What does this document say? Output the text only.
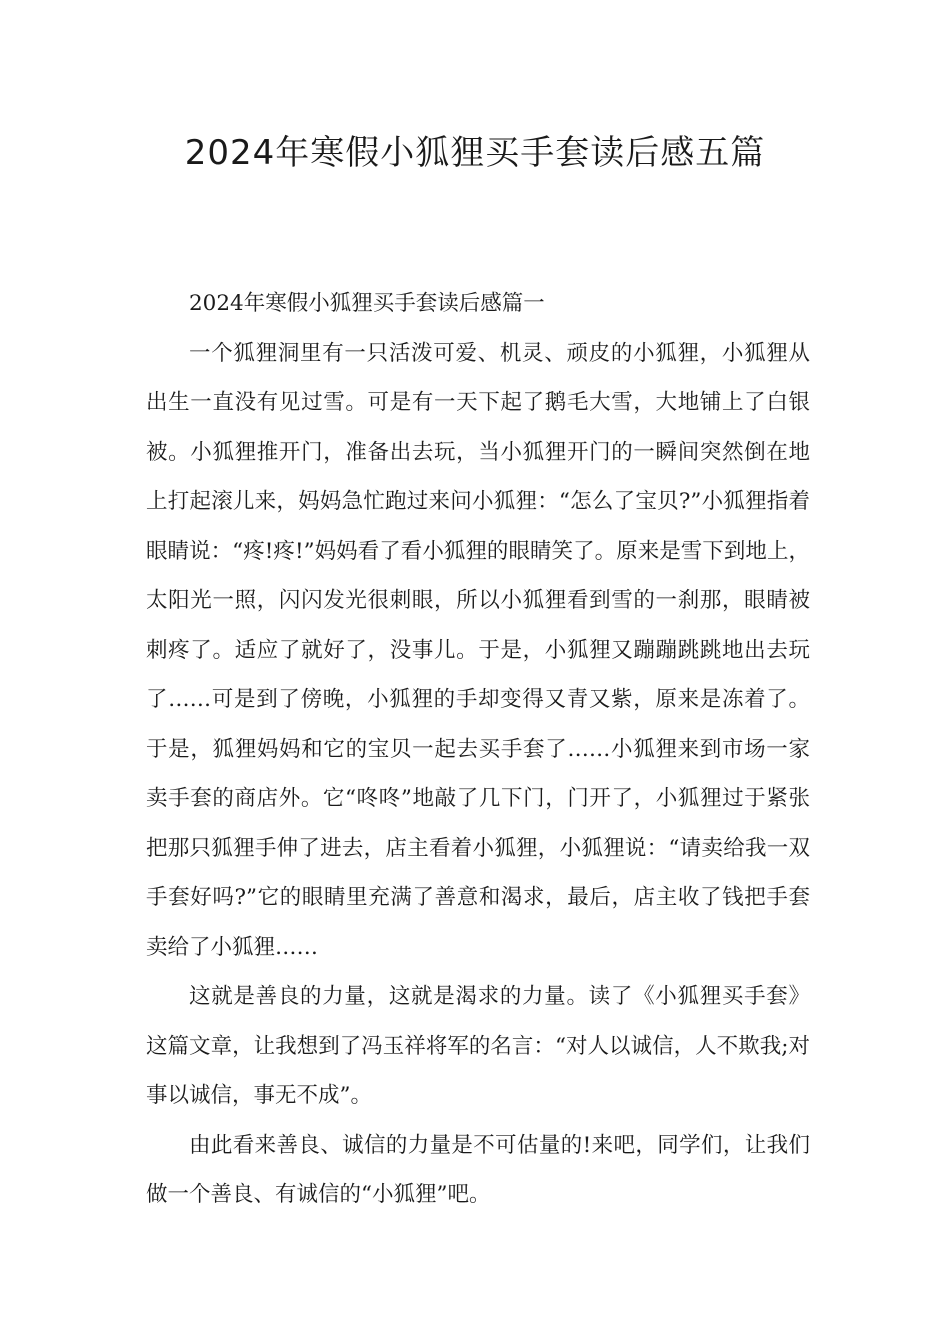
2024年寒假小狐狸买手套读后感五篇

2024年寒假小狐狸买手套读后感篇一

一个狐狸洞里有一只活泼可爱、机灵、顽皮的小狐狸，小狐狸从出生一直没有见过雪。可是有一天下起了鹅毛大雪，大地铺上了白银被。小狐狸推开门，准备出去玩，当小狐狸开门的一瞬间突然倒在地上打起滚儿来，妈妈急忙跑过来问小狐狸：“怎么了宝贝?”小狐狸指着眼睛说：“疼!疼!”妈妈看了看小狐狸的眼睛笑了。原来是雪下到地上，太阳光一照，闪闪发光很刺眼，所以小狐狸看到雪的一刹那，眼睛被刺疼了。适应了就好了，没事儿。于是，小狐狸又蹦蹦跳跳地出去玩了……可是到了傍晚，小狐狸的手却变得又青又紫，原来是冻着了。于是，狐狸妈妈和它的宝贝一起去买手套了……小狐狸来到市场一家卖手套的商店外。它“咚咚”地敲了几下门，门开了，小狐狸过于紧张把那只狐狸手伸了进去，店主看着小狐狸，小狐狸说：“请卖给我一双手套好吗?”它的眼睛里充满了善意和渴求，最后，店主收了钱把手套卖给了小狐狸……

这就是善良的力量，这就是渴求的力量。读了《小狐狸买手套》这篇文章，让我想到了冯玉祥将军的名言：“对人以诚信，人不欺我;对事以诚信，事无不成”。

由此看来善良、诚信的力量是不可估量的!来吧，同学们，让我们做一个善良、有诚信的“小狐狸”吧。
